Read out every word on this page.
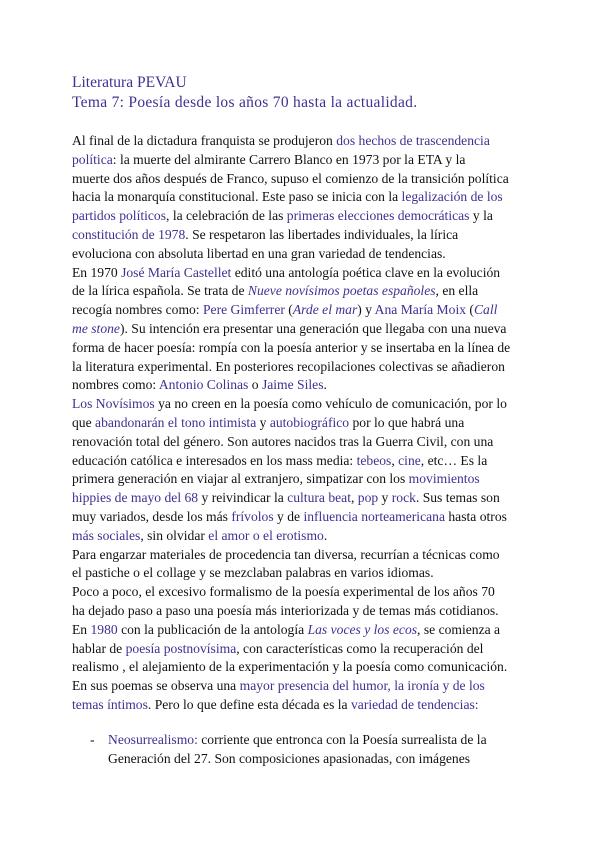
Literatura PEVAU
Tema 7: Poesía desde los años 70 hasta la actualidad.
Al final de la dictadura franquista se produjeron dos hechos de trascendencia
política: la muerte del almirante Carrero Blanco en 1973 por la ETA y la
muerte dos años después de Franco, supuso el comienzo de la transición política
hacia la monarquía constitucional. Este paso se inicia con la legalización de los
partidos políticos, la celebración de las primeras elecciones democráticas y la
constitución de 1978. Se respetaron las libertades individuales, la lírica
evoluciona con absoluta libertad en una gran variedad de tendencias.
En 1970 José María Castellet editó una antología poética clave en la evolución
de la lírica española. Se trata de Nueve novísimos poetas españoles, en ella
recogía nombres como: Pere Gimferrer (Arde el mar) y Ana María Moix (Call
me stone). Su intención era presentar una generación que llegaba con una nueva
forma de hacer poesía: rompía con la poesía anterior y se insertaba en la línea de
la literatura experimental. En posteriores recopilaciones colectivas se añadieron
nombres como: Antonio Colinas o Jaime Siles.
Los Novísimos ya no creen en la poesía como vehículo de comunicación, por lo
que abandonarán el tono intimista y autobiográfico por lo que habrá una
renovación total del género. Son autores nacidos tras la Guerra Civil, con una
educación católica e interesados en los mass media: tebeos, cine, etc… Es la
primera generación en viajar al extranjero, simpatizar con los movimientos
hippies de mayo del 68 y reivindicar la cultura beat, pop y rock. Sus temas son
muy variados, desde los más frívolos y de influencia norteamericana hasta otros
más sociales, sin olvidar el amor o el erotismo.
Para engarzar materiales de procedencia tan diversa, recurrían a técnicas como
el pastiche o el collage y se mezclaban palabras en varios idiomas.
Poco a poco, el excesivo formalismo de la poesía experimental de los años 70
ha dejado paso a paso una poesía más interiorizada y de temas más cotidianos.
En 1980 con la publicación de la antología Las voces y los ecos, se comienza a
hablar de poesía postnovísima, con características como la recuperación del
realismo , el alejamiento de la experimentación y la poesía como comunicación.
En sus poemas se observa una mayor presencia del humor, la ironía y de los
temas íntimos. Pero lo que define esta década es la variedad de tendencias:
- Neosurrealismo: corriente que entronca con la Poesía surrealista de la
Generación del 27. Son composiciones apasionadas, con imágenes
